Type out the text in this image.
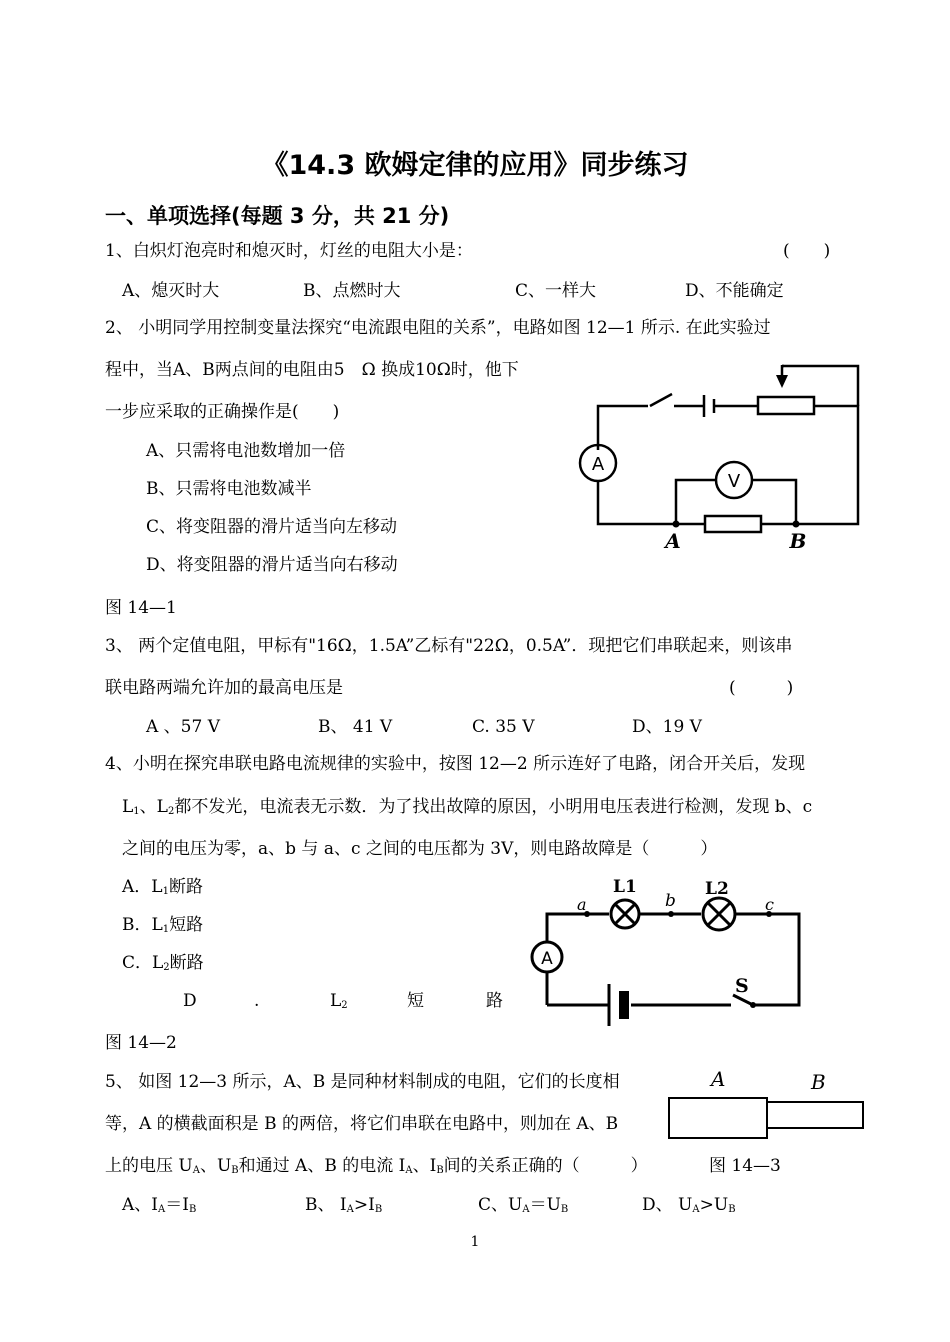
《14.3 欧姆定律的应用》同步练习
一、单项选择(每题 3 分，共 21 分)
1、白炽灯泡亮时和熄灭时，灯丝的电阻大小是：	(　　)
A、熄灭时大	B、点燃时大	C、一样大	D、不能确定
2、 小明同学用控制变量法探究“电流跟电阻的关系”，电路如图 12—1 所示. 在此实验过
程中，当A、B两点间的电阻由5　Ω 换成10Ω时，他下
一步应采取的正确操作是(　　)
A、只需将电池数增加一倍
B、只需将电池数减半
C、将变阻器的滑片适当向左移动
D、将变阻器的滑片适当向右移动
图 14—1
A
V
A	B
3、 两个定值电阻，甲标有"16Ω，1.5A”乙标有"22Ω，0.5A”．现把它们串联起来，则该串
联电路两端允许加的最高电压是	(　　　)
A 、57 V	B、 41 V	C. 35 V	D、19 V
4、小明在探究串联电路电流规律的实验中，按图 12—2 所示连好了电路，闭合开关后，发现
$L_1$、$L_2$都不发光，电流表无示数．为了找出故障的原因，小明用电压表进行检测，发现 b、c
之间的电压为零，a、b 与 a、c 之间的电压都为 3V，则电路故障是（　　　）
A．$L_1$断路
B．$L_1$短路
C．$L_2$断路
D	.	$L_2$	短	路
图 14—2
A
a	b	c
L1	L2
S
5、 如图 12—3 所示，A、B 是同种材料制成的电阻，它们的长度相
等，A 的横截面积是 B 的两倍，将它们串联在电路中，则加在 A、B
上的电压 $U_A$、$U_B$和通过 A、B 的电流 $I_A$、$I_B$间的关系正确的（　　　）	图 14—3
A	B
A、$I_A=I_B$	B、 $I_A>I_B$	C、$U_A=U_B$	D、 $U_A>U_B$
1
